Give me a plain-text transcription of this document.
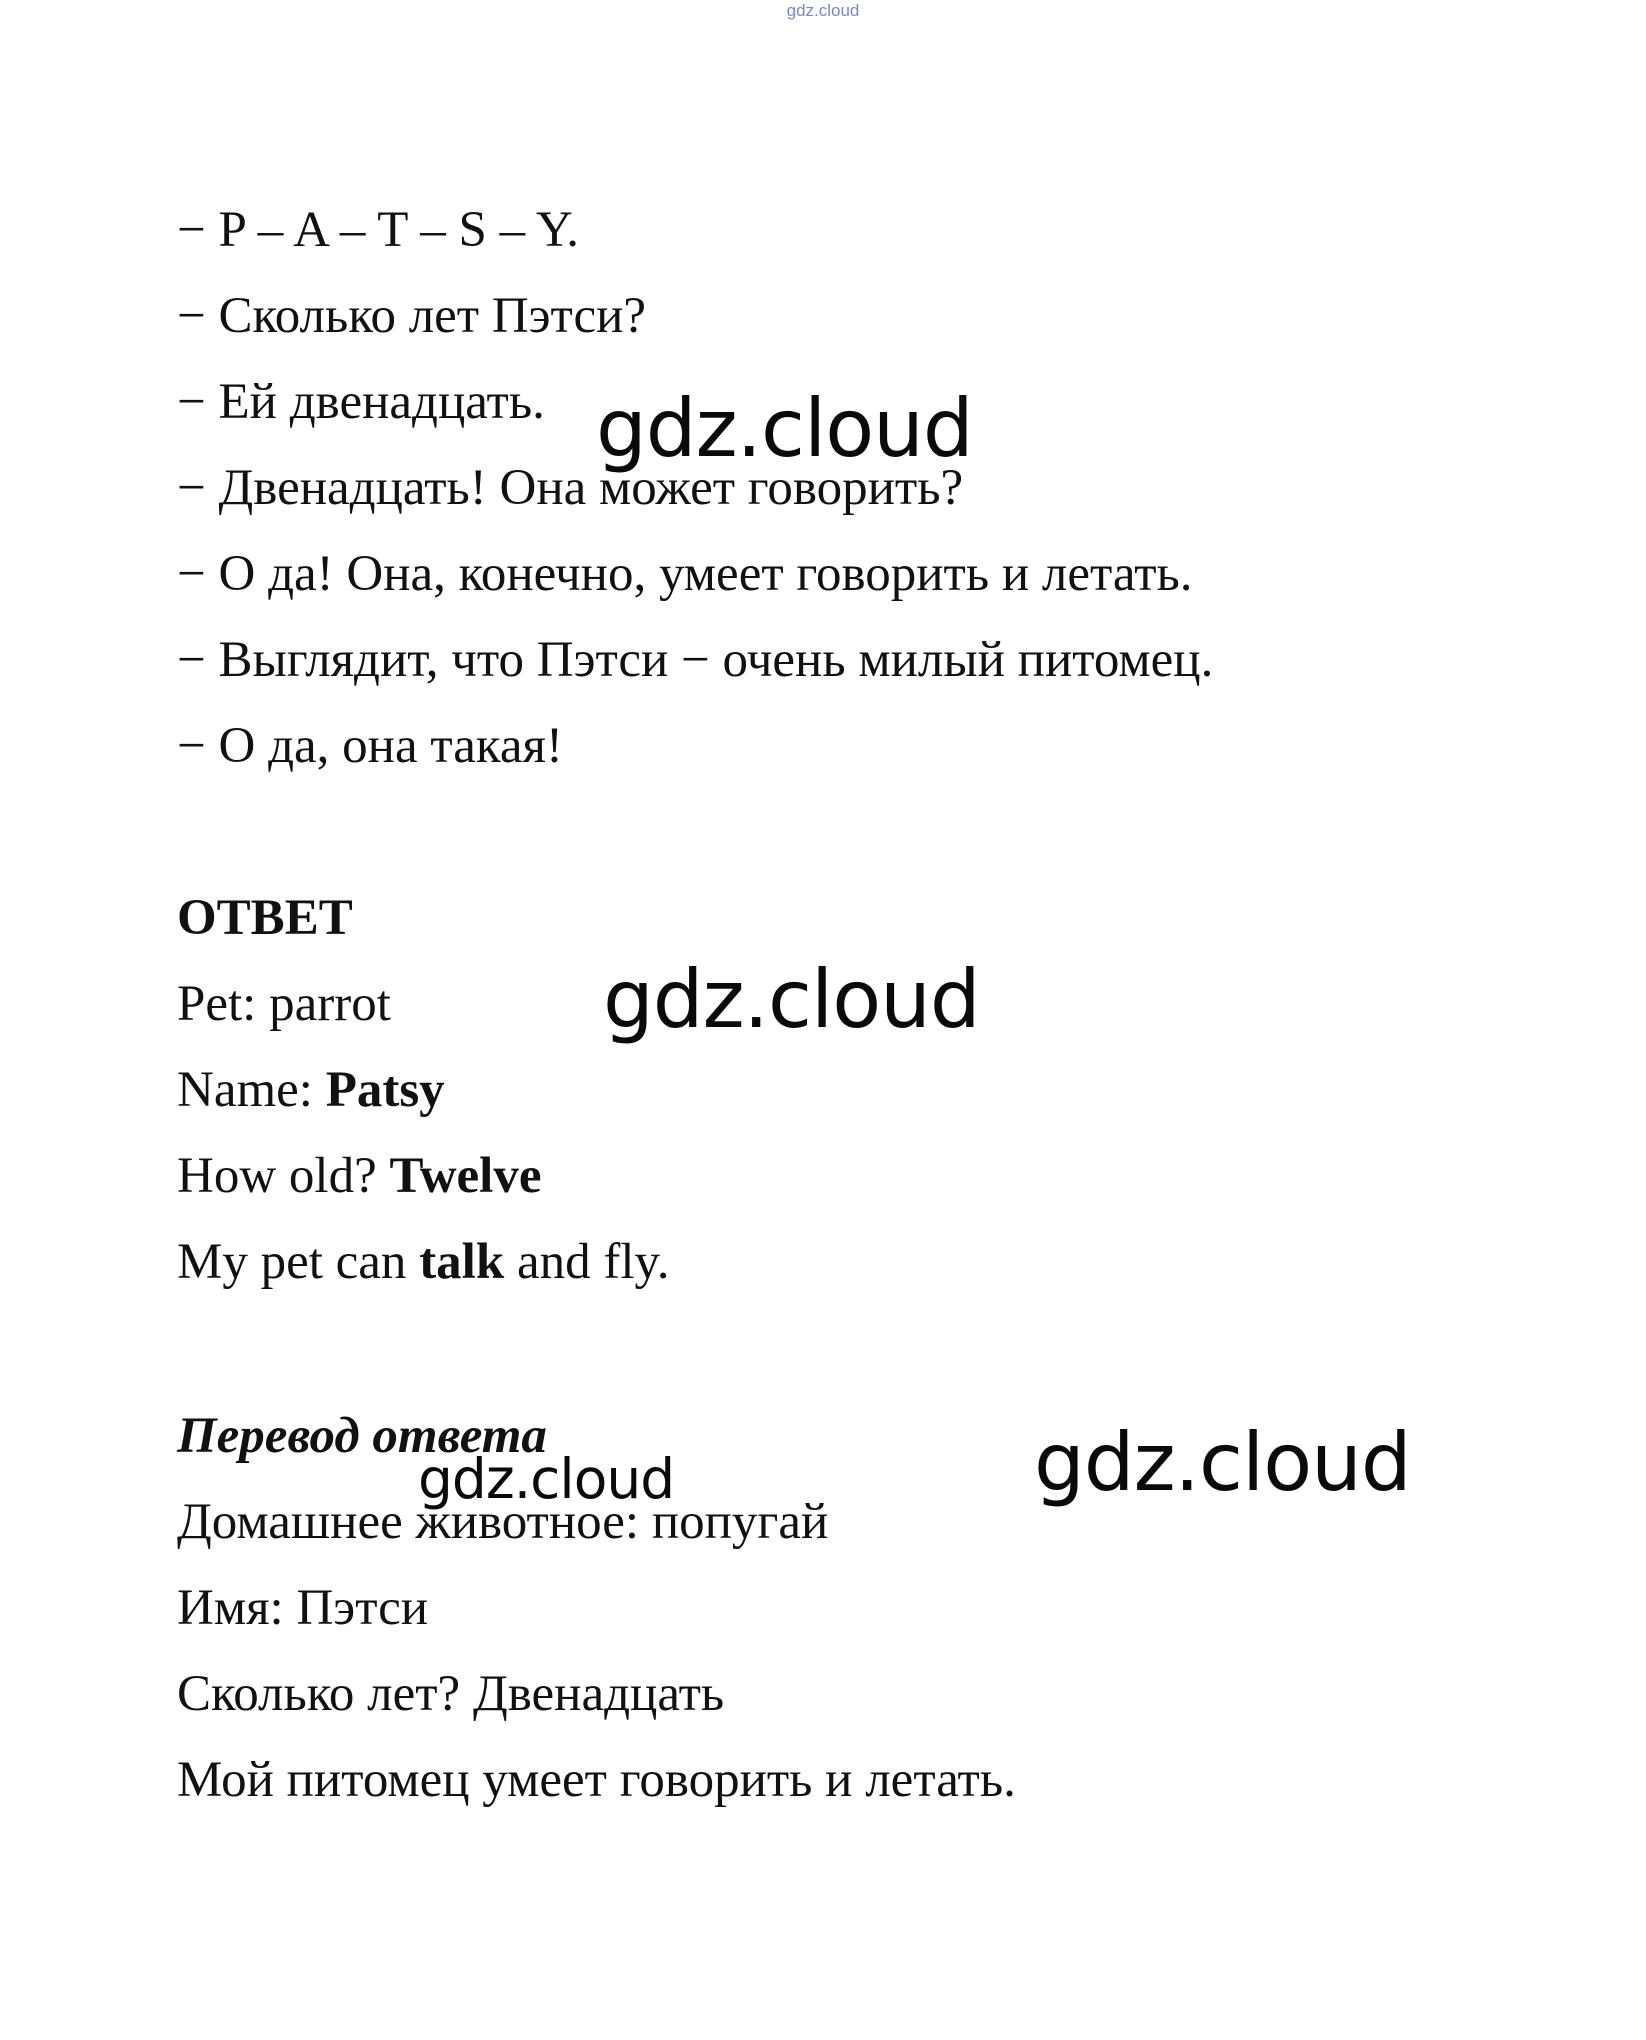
gdz.cloud
− P – A – T – S – Y.
− Сколько лет Пэтси?
− Ей двенадцать.
− Двенадцать! Она может говорить?
− О да! Она, конечно, умеет говорить и летать.
− Выглядит, что Пэтси − очень милый питомец.
− О да, она такая!
ОТВЕТ
Pet: parrot
Name: Patsy
How old? Twelve
My pet can talk and fly.
Перевод ответа
Домашнее животное: попугай
Имя: Пэтси
Сколько лет? Двенадцать
Мой питомец умеет говорить и летать.
gdz.cloud
gdz.cloud
gdz.cloud
gdz.cloud
